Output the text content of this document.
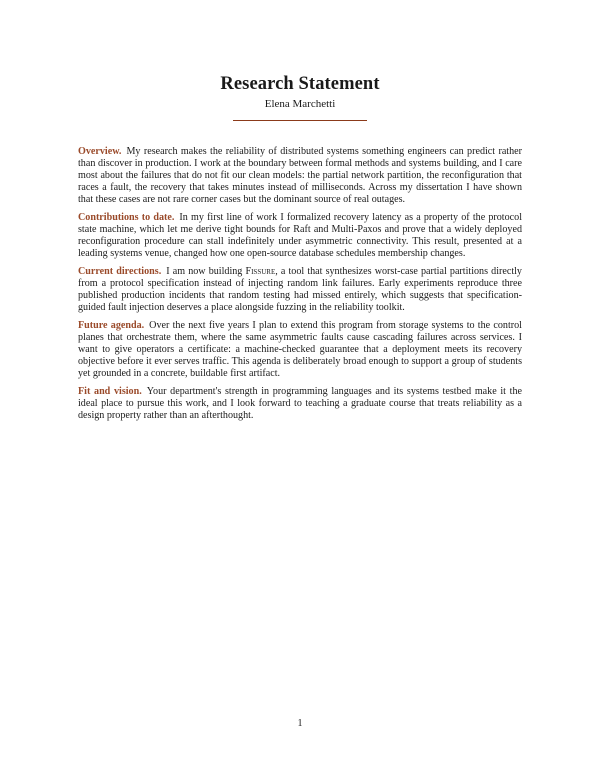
Research Statement
Elena Marchetti

Overview. My research makes the reliability of distributed systems something engineers can predict rather than discover in production. I work at the boundary between formal methods and systems building, and I care most about the failures that do not fit our clean models: the partial network partition, the reconfiguration that races a fault, the recovery that takes minutes instead of milliseconds. Across my dissertation I have shown that these cases are not rare corner cases but the dominant source of real outages.

Contributions to date. In my first line of work I formalized recovery latency as a property of the protocol state machine, which let me derive tight bounds for Raft and Multi-Paxos and prove that a widely deployed reconfiguration procedure can stall indefinitely under asymmetric connectivity. This result, presented at a leading systems venue, changed how one open-source database schedules membership changes.

Current directions. I am now building Fissure, a tool that synthesizes worst-case partial partitions directly from a protocol specification instead of injecting random link failures. Early experiments reproduce three published production incidents that random testing had missed entirely, which suggests that specification-guided fault injection deserves a place alongside fuzzing in the reliability toolkit.

Future agenda. Over the next five years I plan to extend this program from storage systems to the control planes that orchestrate them, where the same asymmetric faults cause cascading failures across services. I want to give operators a certificate: a machine-checked guarantee that a deployment meets its recovery objective before it ever serves traffic. This agenda is deliberately broad enough to support a group of students yet grounded in a concrete, buildable first artifact.

Fit and vision. Your department's strength in programming languages and its systems testbed make it the ideal place to pursue this work, and I look forward to teaching a graduate course that treats reliability as a design property rather than an afterthought.

1
